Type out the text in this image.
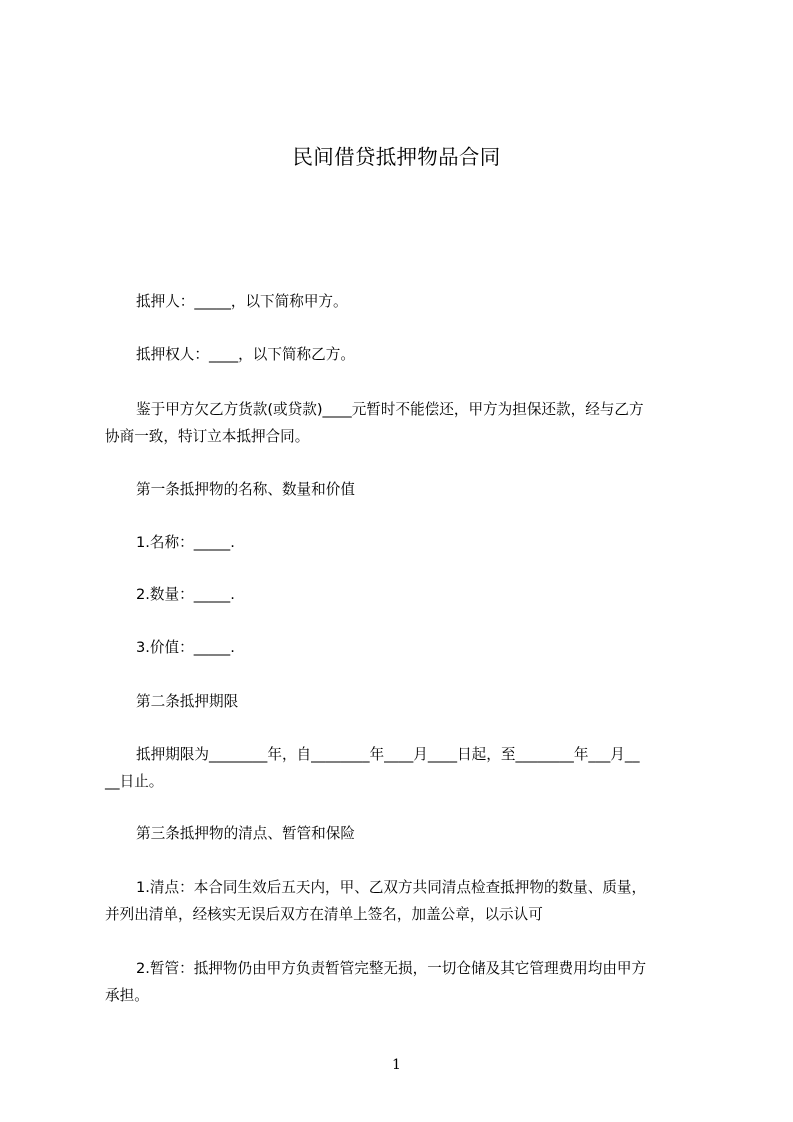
民间借贷抵押物品合同
抵押人：_____，以下简称甲方。
抵押权人：____，以下简称乙方。
鉴于甲方欠乙方货款(或贷款)____元暂时不能偿还，甲方为担保还款，经与乙方
协商一致，特订立本抵押合同。
第一条抵押物的名称、数量和价值
1.名称：_____.
2.数量：_____.
3.价值：_____.
第二条抵押期限
抵押期限为________年，自________年____月____日起，至________年___月__
__日止。
第三条抵押物的清点、暂管和保险
1.清点：本合同生效后五天内，甲、乙双方共同清点检查抵押物的数量、质量，
并列出清单，经核实无误后双方在清单上签名，加盖公章，以示认可
2.暂管：抵押物仍由甲方负责暂管完整无损，一切仓储及其它管理费用均由甲方
承担。
1
